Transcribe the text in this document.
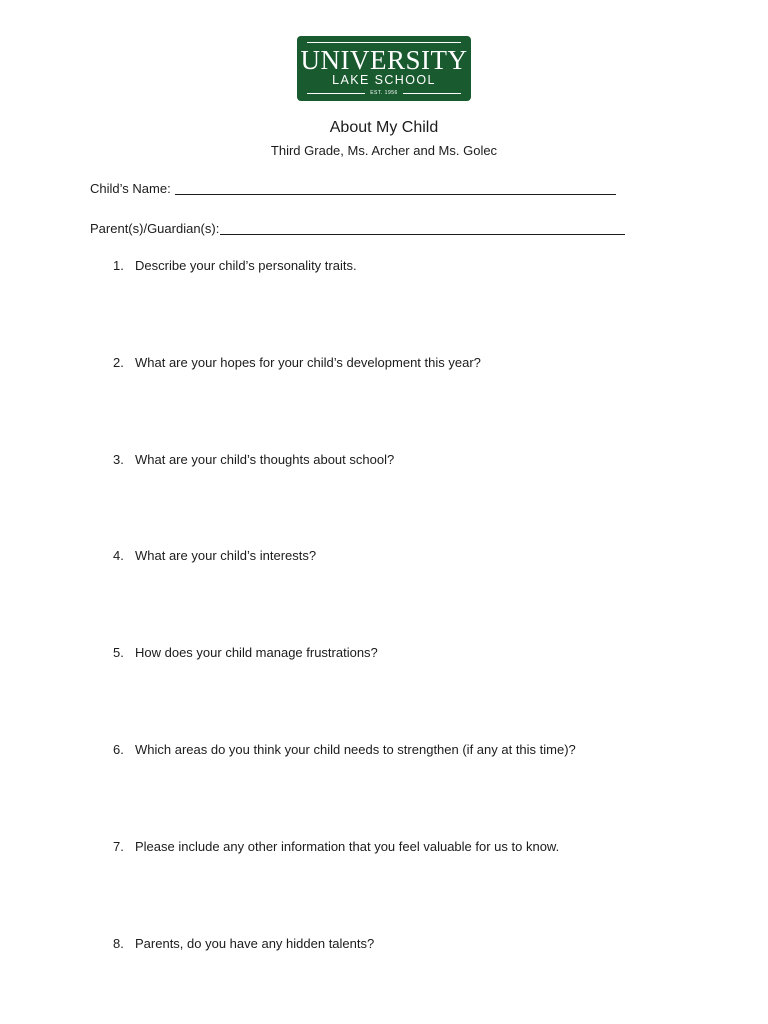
UNIVERSITY
LAKE SCHOOL
EST. 1956
About My Child
Third Grade, Ms. Archer and Ms. Golec
Child’s Name:
Parent(s)/Guardian(s):
1. Describe your child’s personality traits.
2. What are your hopes for your child’s development this year?
3. What are your child’s thoughts about school?
4. What are your child’s interests?
5. How does your child manage frustrations?
6. Which areas do you think your child needs to strengthen (if any at this time)?
7. Please include any other information that you feel valuable for us to know.
8. Parents, do you have any hidden talents?
